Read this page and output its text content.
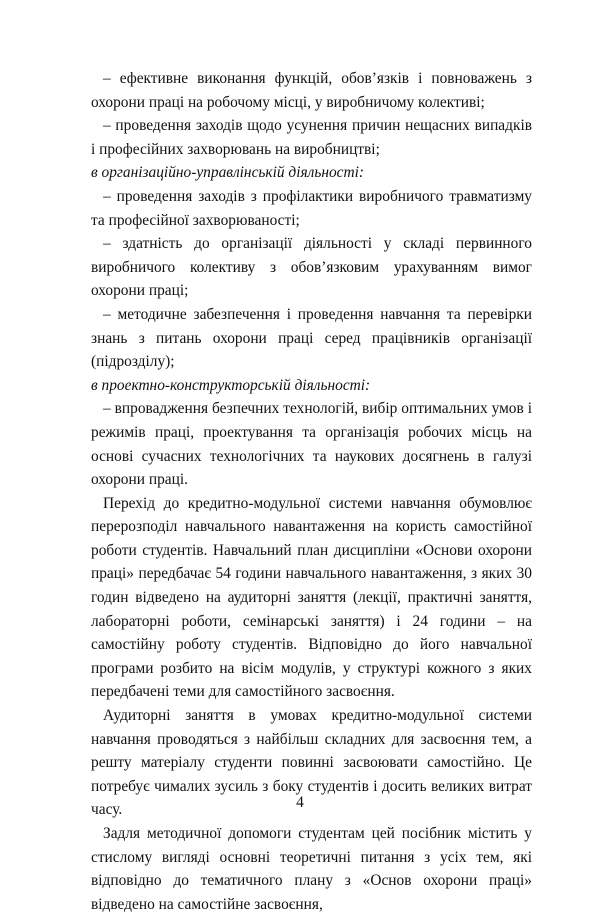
– ефективне виконання функцій, обов’язків і повноважень з охорони праці на робочому місці, у виробничому колективі;

– проведення заходів щодо усунення причин нещасних випадків і професійних захворювань на виробництві;

в організаційно-управлінській діяльності:

– проведення заходів з профілактики виробничого травматизму та професійної захворюваності;

– здатність до організації діяльності у складі первинного виробничого колективу з обов’язковим урахуванням вимог охорони праці;

– методичне забезпечення і проведення навчання та перевірки знань з питань охорони праці серед працівників організації (підрозділу);

в проектно-конструкторській діяльності:

– впровадження безпечних технологій, вибір оптимальних умов і режимів праці, проектування та організація робочих місць на основі сучасних технологічних та наукових досягнень в галузі охорони праці.

Перехід до кредитно-модульної системи навчання обумовлює перерозподіл навчального навантаження на користь самостійної роботи студентів. Навчальний план дисципліни «Основи охорони праці» передбачає 54 години навчального навантаження, з яких 30 годин відведено на аудиторні заняття (лекції, практичні заняття, лабораторні роботи, семінарські заняття) і 24 години – на самостійну роботу студентів. Відповідно до його навчальної програми розбито на вісім модулів, у структурі кожного з яких передбачені теми для самостійного засвоєння.

Аудиторні заняття в умовах кредитно-модульної системи навчання проводяться з найбільш складних для засвоєння тем, а решту матеріалу студенти повинні засвоювати самостійно. Це потребує чималих зусиль з боку студентів і досить великих витрат часу.

Задля методичної допомоги студентам цей посібник містить у стислому вигляді основні теоретичні питання з усіх тем, які відповідно до тематичного плану з «Основ охорони праці» відведено на самостійне засвоєння,

4
